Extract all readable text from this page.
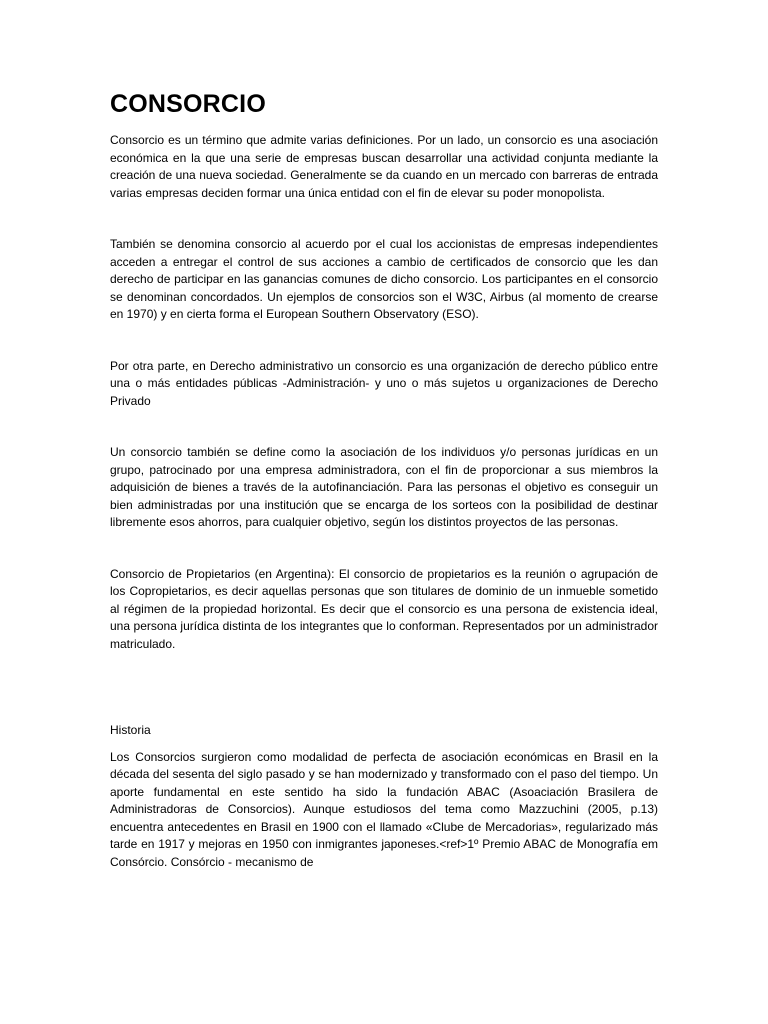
CONSORCIO

Consorcio es un término que admite varias definiciones. Por un lado, un consorcio es una asociación económica en la que una serie de empresas buscan desarrollar una actividad conjunta mediante la creación de una nueva sociedad. Generalmente se da cuando en un mercado con barreras de entrada varias empresas deciden formar una única entidad con el fin de elevar su poder monopolista.

También se denomina consorcio al acuerdo por el cual los accionistas de empresas independientes acceden a entregar el control de sus acciones a cambio de certificados de consorcio que les dan derecho de participar en las ganancias comunes de dicho consorcio. Los participantes en el consorcio se denominan concordados. Un ejemplos de consorcios son el W3C, Airbus (al momento de crearse en 1970) y en cierta forma el European Southern Observatory (ESO).

Por otra parte, en Derecho administrativo un consorcio es una organización de derecho público entre una o más entidades públicas -Administración- y uno o más sujetos u organizaciones de Derecho Privado

Un consorcio también se define como la asociación de los individuos y/o personas jurídicas en un grupo, patrocinado por una empresa administradora, con el fin de proporcionar a sus miembros la adquisición de bienes a través de la autofinanciación. Para las personas el objetivo es conseguir un bien administradas por una institución que se encarga de los sorteos con la posibilidad de destinar libremente esos ahorros, para cualquier objetivo, según los distintos proyectos de las personas.

Consorcio de Propietarios (en Argentina): El consorcio de propietarios es la reunión o agrupación de los Copropietarios, es decir aquellas personas que son titulares de dominio de un inmueble sometido al régimen de la propiedad horizontal. Es decir que el consorcio es una persona de existencia ideal, una persona jurídica distinta de los integrantes que lo conforman. Representados por un administrador matriculado.

Historia

Los Consorcios surgieron como modalidad de perfecta de asociación económicas en Brasil en la década del sesenta del siglo pasado y se han modernizado y transformado con el paso del tiempo. Un aporte fundamental en este sentido ha sido la fundación ABAC (Asoaciación Brasilera de Administradoras de Consorcios). Aunque estudiosos del tema como Mazzuchini (2005, p.13) encuentra antecedentes en Brasil en 1900 con el llamado «Clube de Mercadorias», regularizado más tarde en 1917 y mejoras en 1950 con inmigrantes japoneses.<ref>1º Premio ABAC de Monografía em Consórcio. Consórcio - mecanismo de
